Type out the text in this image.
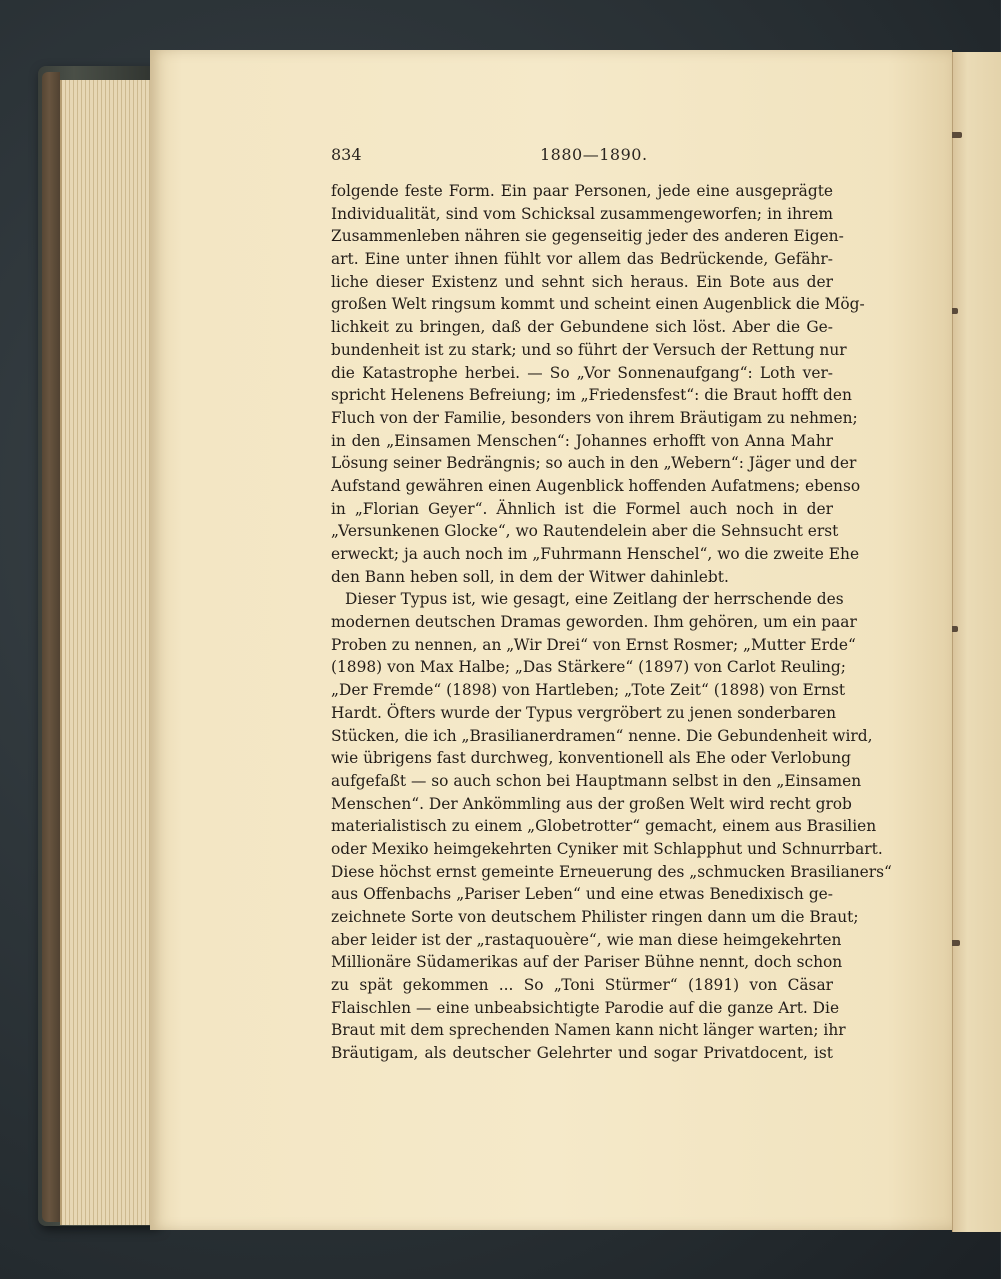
834	1880—1890.
folgende feste Form. Ein paar Personen, jede eine ausgeprägte
Individualität, sind vom Schicksal zusammengeworfen; in ihrem
Zusammenleben nähren sie gegenseitig jeder des anderen Eigen-
art. Eine unter ihnen fühlt vor allem das Bedrückende, Gefähr-
liche dieser Existenz und sehnt sich heraus. Ein Bote aus der
großen Welt ringsum kommt und scheint einen Augenblick die Mög-
lichkeit zu bringen, daß der Gebundene sich löst. Aber die Ge-
bundenheit ist zu stark; und so führt der Versuch der Rettung nur
die Katastrophe herbei. — So „Vor Sonnenaufgang“: Loth ver-
spricht Helenens Befreiung; im „Friedensfest“: die Braut hofft den
Fluch von der Familie, besonders von ihrem Bräutigam zu nehmen;
in den „Einsamen Menschen“: Johannes erhofft von Anna Mahr
Lösung seiner Bedrängnis; so auch in den „Webern“: Jäger und der
Aufstand gewähren einen Augenblick hoffenden Aufatmens; ebenso
in „Florian Geyer“. Ähnlich ist die Formel auch noch in der
„Versunkenen Glocke“, wo Rautendelein aber die Sehnsucht erst
erweckt; ja auch noch im „Fuhrmann Henschel“, wo die zweite Ehe
den Bann heben soll, in dem der Witwer dahinlebt.
Dieser Typus ist, wie gesagt, eine Zeitlang der herrschende des
modernen deutschen Dramas geworden. Ihm gehören, um ein paar
Proben zu nennen, an „Wir Drei“ von Ernst Rosmer; „Mutter Erde“
(1898) von Max Halbe; „Das Stärkere“ (1897) von Carlot Reuling;
„Der Fremde“ (1898) von Hartleben; „Tote Zeit“ (1898) von Ernst
Hardt. Öfters wurde der Typus vergröbert zu jenen sonderbaren
Stücken, die ich „Brasilianerdramen“ nenne. Die Gebundenheit wird,
wie übrigens fast durchweg, konventionell als Ehe oder Verlobung
aufgefaßt — so auch schon bei Hauptmann selbst in den „Einsamen
Menschen“. Der Ankömmling aus der großen Welt wird recht grob
materialistisch zu einem „Globetrotter“ gemacht, einem aus Brasilien
oder Mexiko heimgekehrten Cyniker mit Schlapphut und Schnurrbart.
Diese höchst ernst gemeinte Erneuerung des „schmucken Brasilianers“
aus Offenbachs „Pariser Leben“ und eine etwas Benedixisch ge-
zeichnete Sorte von deutschem Philister ringen dann um die Braut;
aber leider ist der „rastaquouère“, wie man diese heimgekehrten
Millionäre Südamerikas auf der Pariser Bühne nennt, doch schon
zu spät gekommen ... So „Toni Stürmer“ (1891) von Cäsar
Flaischlen — eine unbeabsichtigte Parodie auf die ganze Art. Die
Braut mit dem sprechenden Namen kann nicht länger warten; ihr
Bräutigam, als deutscher Gelehrter und sogar Privatdocent, ist
